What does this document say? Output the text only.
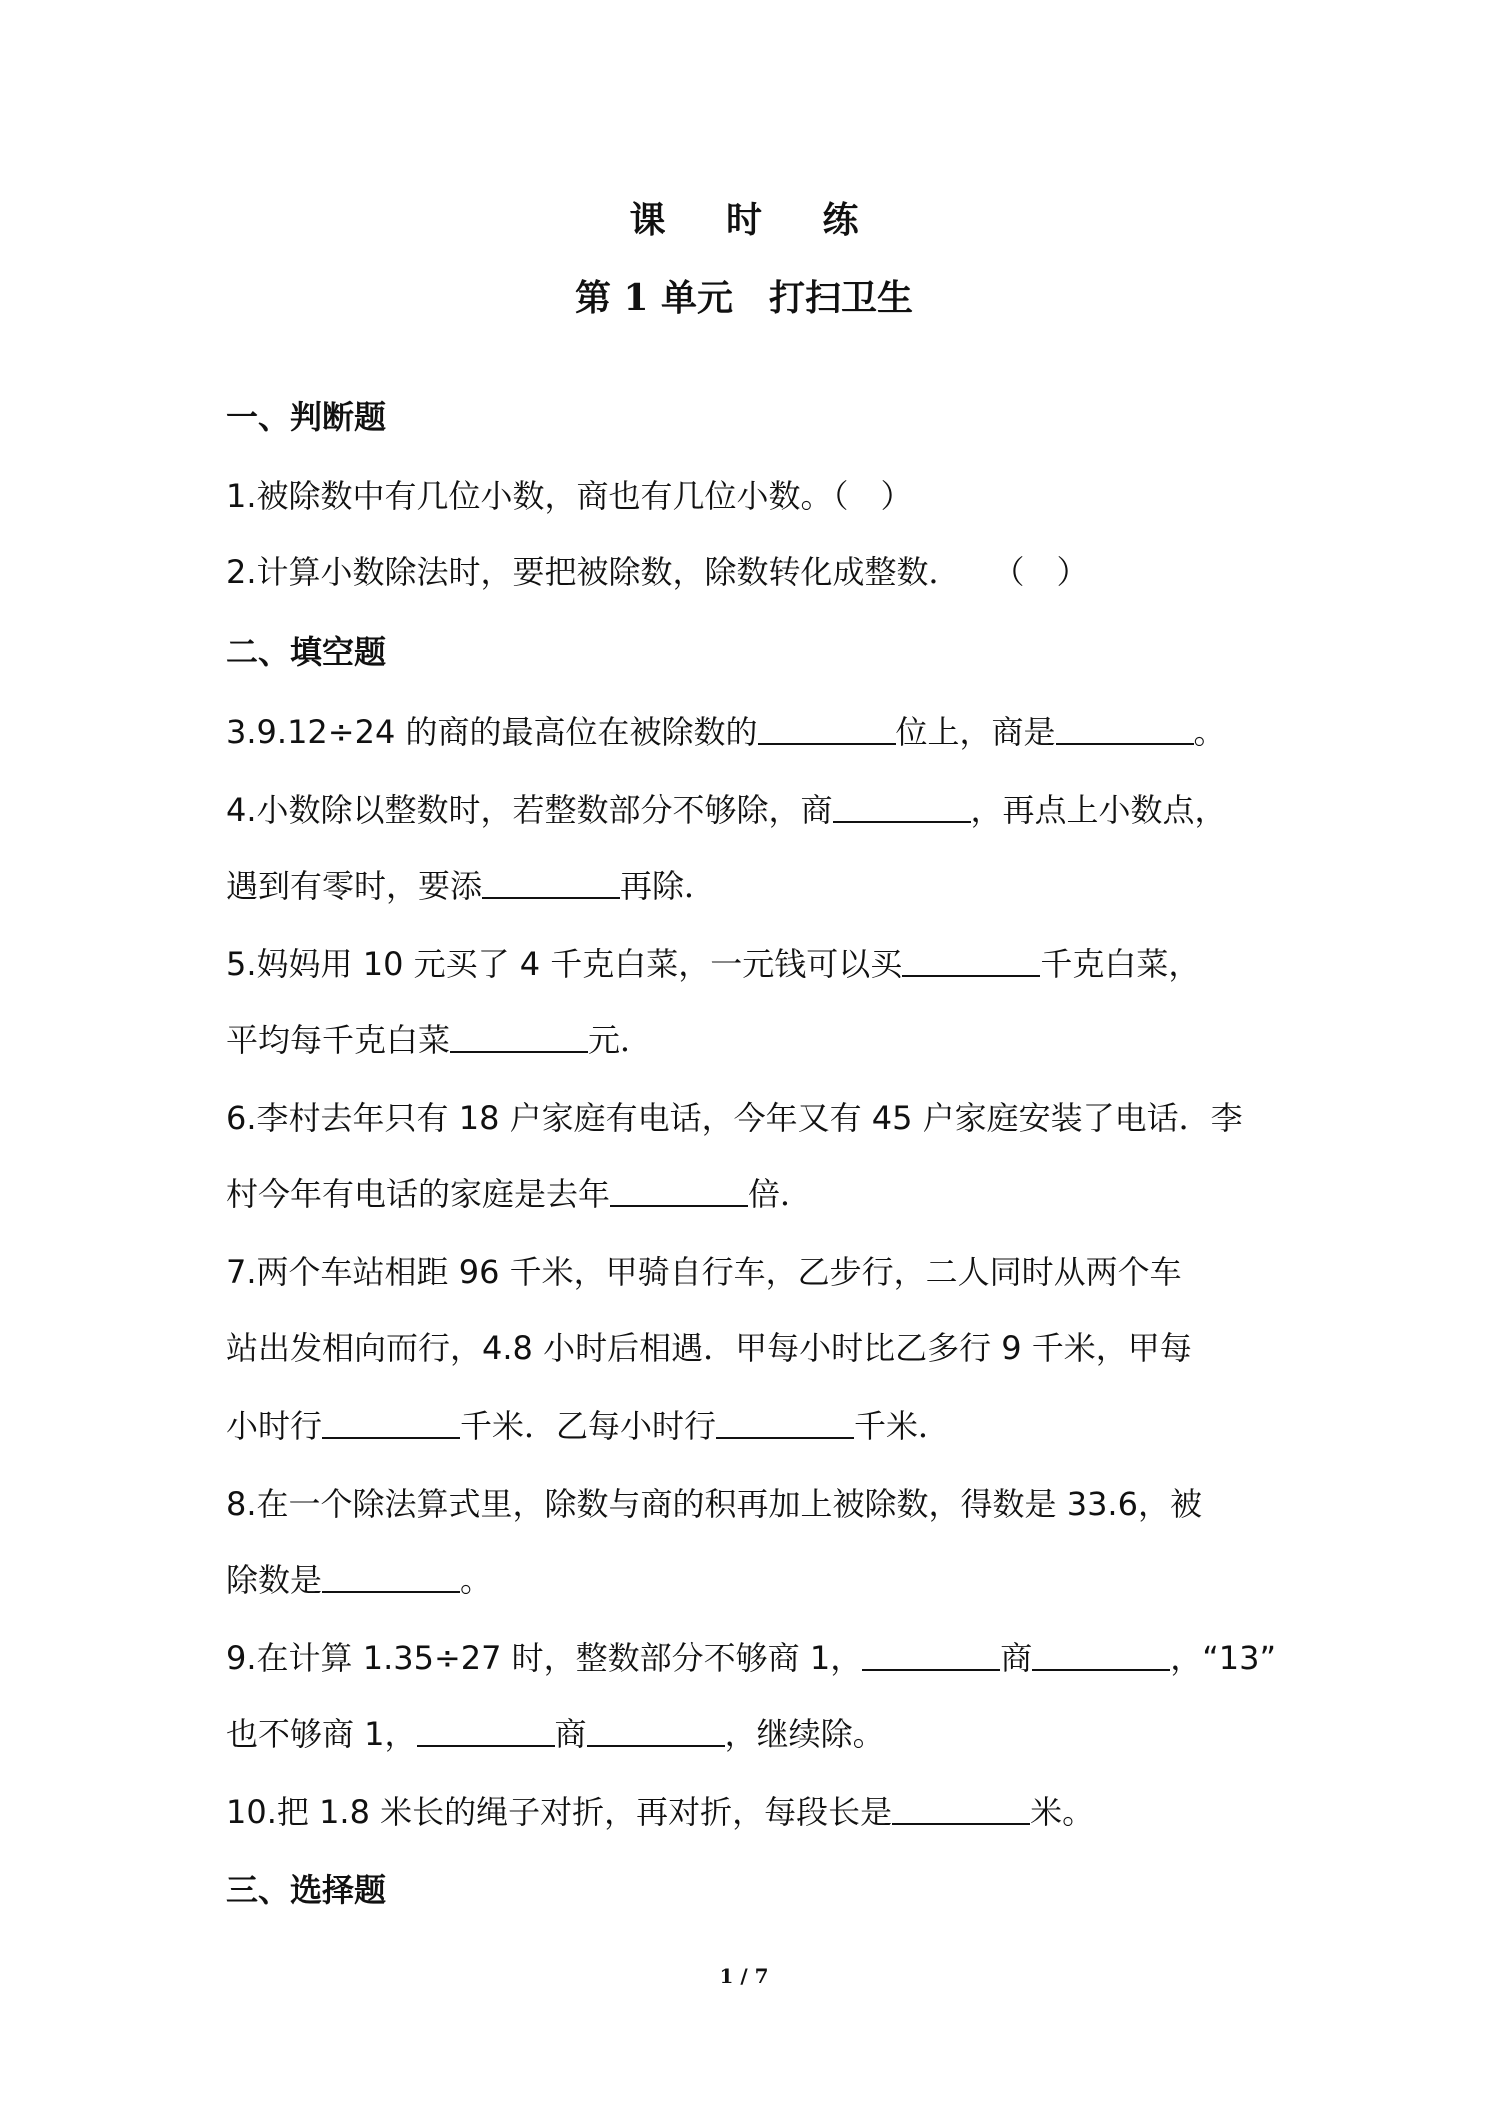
课 时 练
第 1 单元　打扫卫生
一、判断题
1.被除数中有几位小数，商也有几位小数。（　）
2.计算小数除法时，要把被除数，除数转化成整数．　　（　）
二、填空题
3.9.12÷24 的商的最高位在被除数的	位上，商是	。
4.小数除以整数时，若整数部分不够除，商	，再点上小数点，
遇到有零时，要添	再除．
5.妈妈用 10 元买了 4 千克白菜，一元钱可以买	千克白菜，
平均每千克白菜	元．
6.李村去年只有 18 户家庭有电话，今年又有 45 户家庭安装了电话．李
村今年有电话的家庭是去年	倍．
7.两个车站相距 96 千米，甲骑自行车，乙步行，二人同时从两个车
站出发相向而行，4.8 小时后相遇．甲每小时比乙多行 9 千米，甲每
小时行	千米．乙每小时行	千米．
8.在一个除法算式里，除数与商的积再加上被除数，得数是 33.6，被
除数是	。
9.在计算 1.35÷27 时，整数部分不够商 1，	商	，“13”
也不够商 1，	商	，继续除。
10.把 1.8 米长的绳子对折，再对折，每段长是	米。
三、选择题
1 / 7
